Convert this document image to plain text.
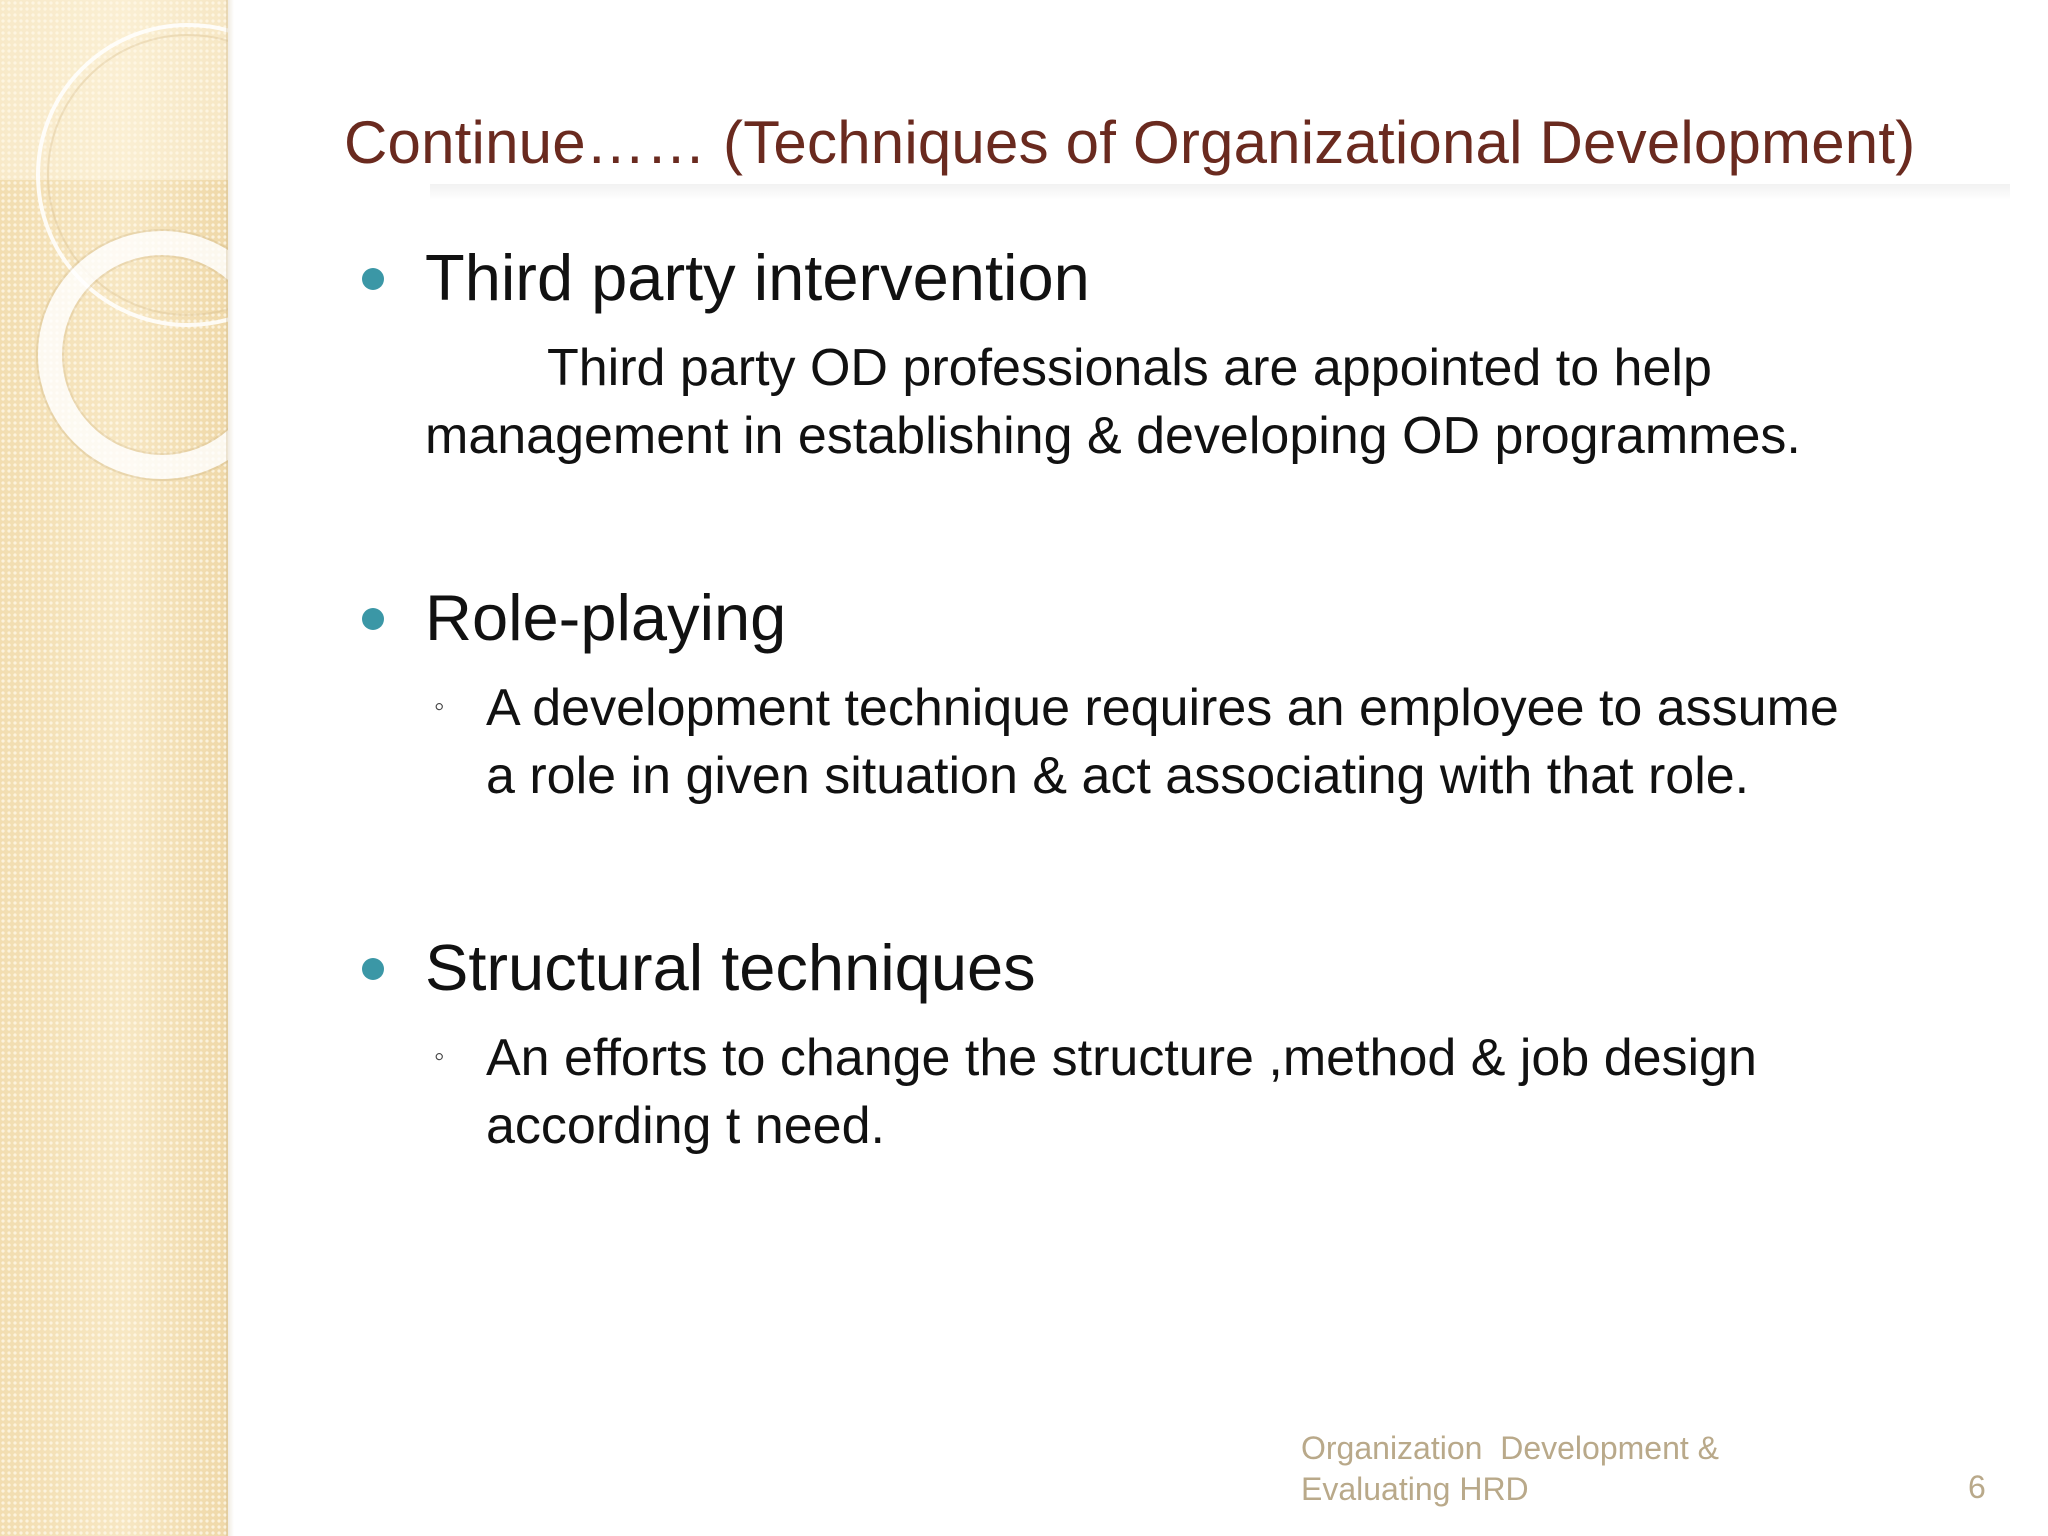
Continue…… (Techniques of Organizational Development)

Third party intervention

Third party OD professionals are appointed to help

management in establishing & developing OD programmes.

Role-playing

◦ A development technique requires an employee to assume

a role in given situation & act associating with that role.

Structural techniques

◦ An efforts to change the structure ,method & job design

according t need.

Organization  Development &
Evaluating HRD	6
